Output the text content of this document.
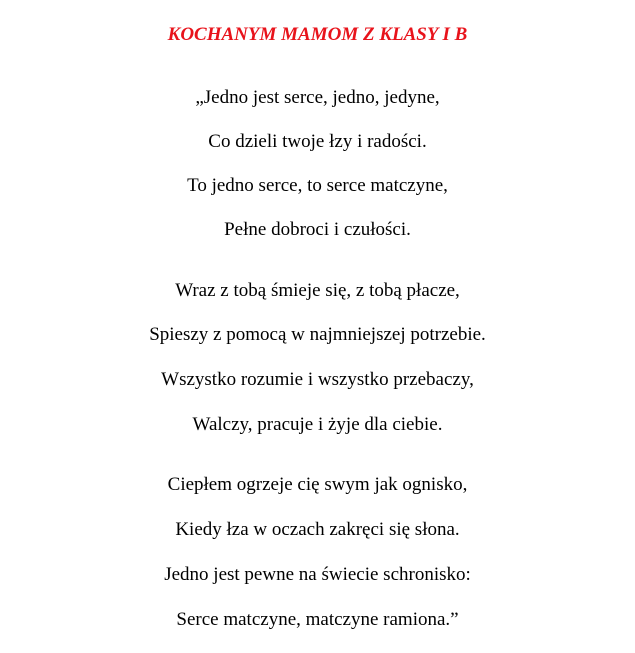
KOCHANYM MAMOM Z KLASY I B
„Jedno jest serce, jedno, jedyne,
Co dzieli twoje łzy i radości.
To jedno serce, to serce matczyne,
Pełne dobroci i czułości.
Wraz z tobą śmieje się, z tobą płacze,
Spieszy z pomocą w najmniejszej potrzebie.
Wszystko rozumie i wszystko przebaczy,
Walczy, pracuje i żyje dla ciebie.
Ciepłem ogrzeje cię swym jak ognisko,
Kiedy łza w oczach zakręci się słona.
Jedno jest pewne na świecie schronisko:
Serce matczyne, matczyne ramiona.”
